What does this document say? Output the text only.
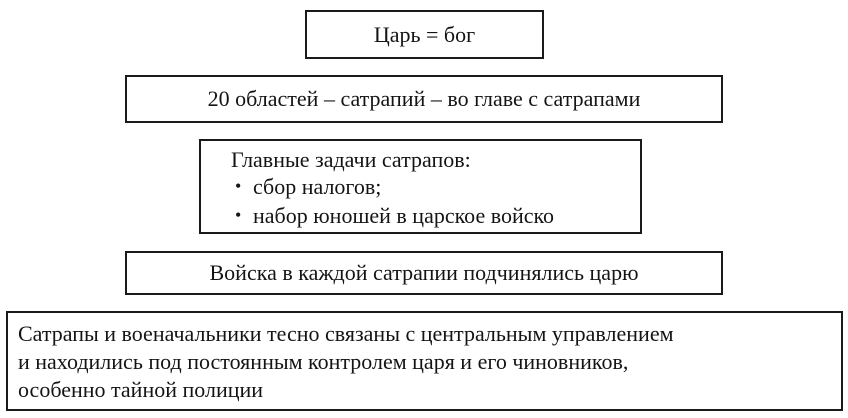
Царь = бог
20 областей – сатрапий – во главе с сатрапами
Главные задачи сатрапов:
• сбор налогов;
• набор юношей в царское войско
Войска в каждой сатрапии подчинялись царю
Сатрапы и военачальники тесно связаны с центральным управлением
и находились под постоянным контролем царя и его чиновников,
особенно тайной полиции
